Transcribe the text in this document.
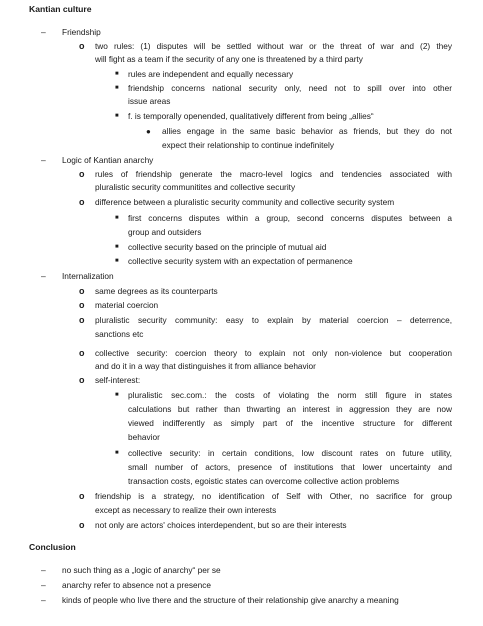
Kantian culture
– Friendship
o two rules: (1) disputes will be settled without war or the threat of war and (2) they
will fight as a team if the security of any one is threatened by a third party
■ rules are independent and equally necessary
■ friendship concerns national security only, need not to spill over into other
issue areas
■ f. is temporally openended, qualitatively different from being „allies“
● allies engage in the same basic behavior as friends, but they do not
expect their relationship to continue indefinitely
– Logic of Kantian anarchy
o rules of friendship generate the macro-level logics and tendencies associated with
pluralistic security communitites and collective security
o difference between a pluralistic security community and collective security system
■ first concerns disputes within a group, second concerns disputes between a
group and outsiders
■ collective security based on the principle of mutual aid
■ collective security system with an expectation of permanence
– Internalization
o same degrees as its counterparts
o material coercion
o pluralistic security community: easy to explain by material coercion – deterrence,
sanctions etc
o collective security: coercion theory to explain not only non-violence but cooperation
and do it in a way that distinguishes it from alliance behavior
o self-interest:
■ pluralistic sec.com.: the costs of violating the norm still figure in states
calculations but rather than thwarting an interest in aggression they are now
viewed indifferently as simply part of the incentive structure for different
behavior
■ collective security: in certain conditions, low discount rates on future utility,
small number of actors, presence of institutions that lower uncertainty and
transaction costs, egoistic states can overcome collective action problems
o friendship is a strategy, no identification of Self with Other, no sacrifice for group
except as necessary to realize their own interests
o not only are actors' choices interdependent, but so are their interests
Conclusion
– no such thing as a „logic of anarchy“ per se
– anarchy refer to absence not a presence
– kinds of people who live there and the structure of their relationship give anarchy a meaning
